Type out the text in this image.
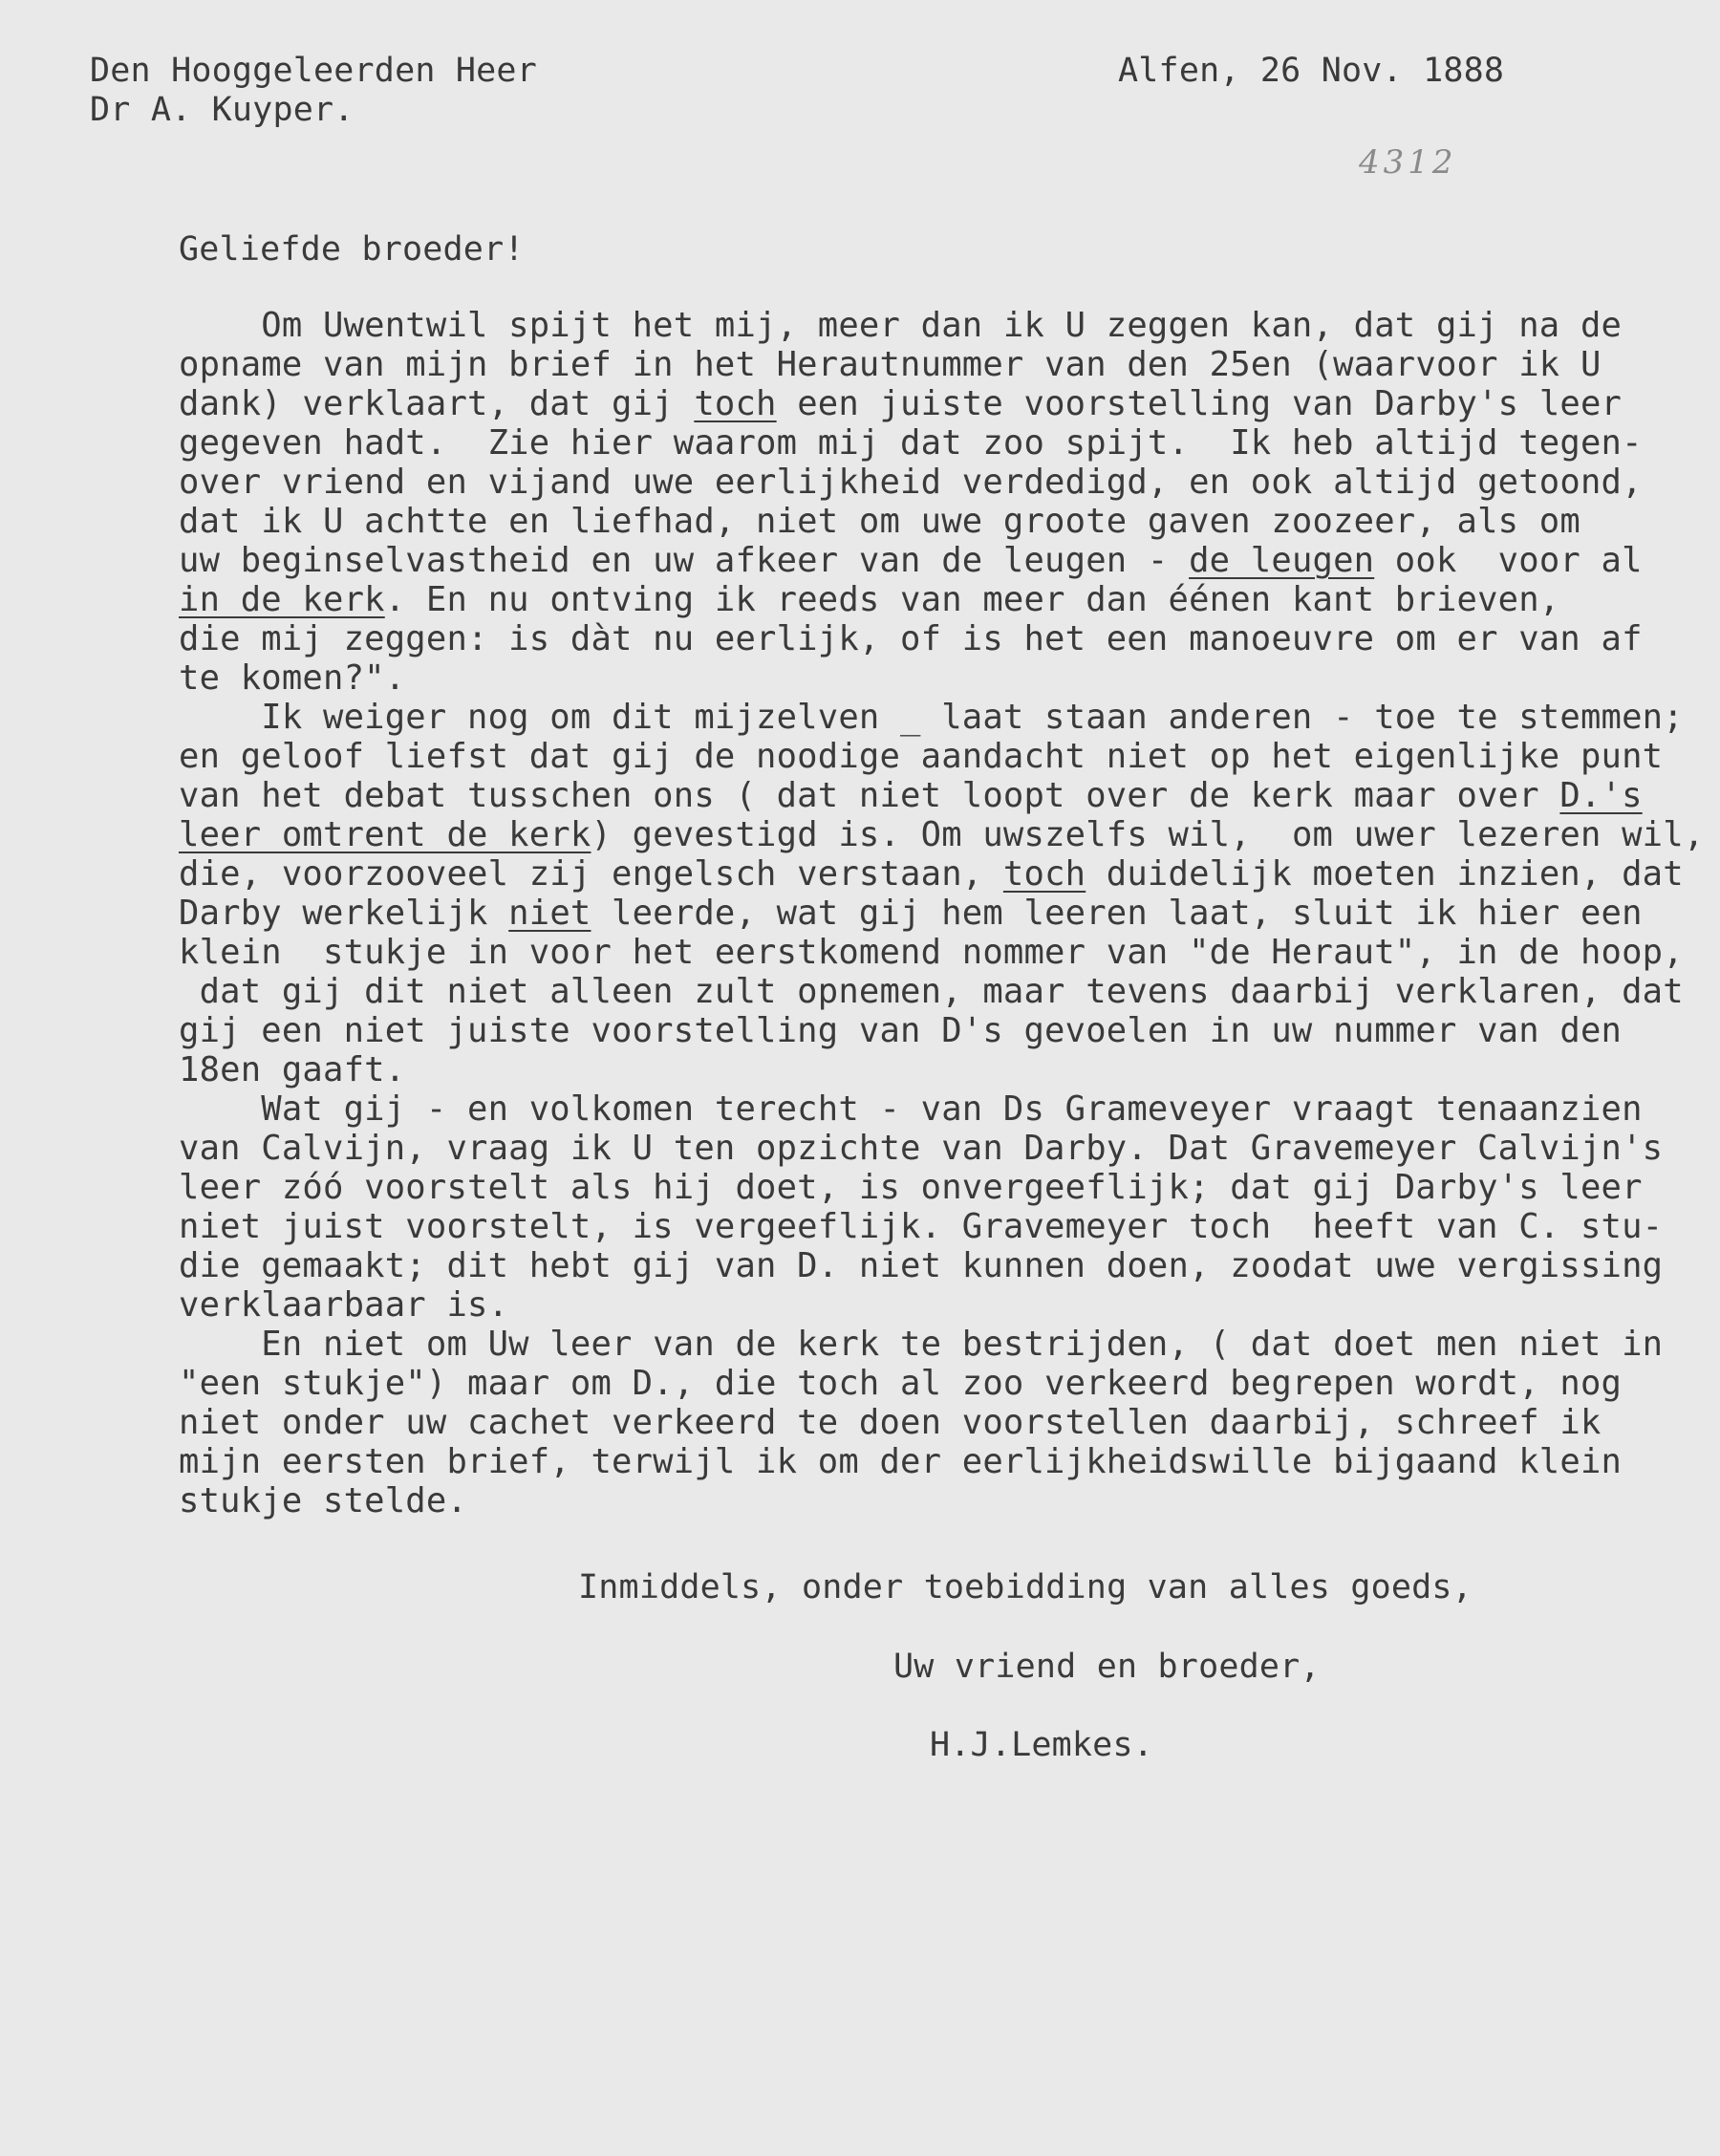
Den Hooggeleerden Heer
Dr A. Kuyper.
Alfen, 26 Nov. 1888
4312
Geliefde broeder!
Om Uwentwil spijt het mij, meer dan ik U zeggen kan, dat gij na de
opname van mijn brief in het Herautnummer van den 25en (waarvoor ik U
dank) verklaart, dat gij toch een juiste voorstelling van Darby's leer
gegeven hadt.  Zie hier waarom mij dat zoo spijt.  Ik heb altijd tegen-
over vriend en vijand uwe eerlijkheid verdedigd, en ook altijd getoond,
dat ik U achtte en liefhad, niet om uwe groote gaven zoozeer, als om
uw beginselvastheid en uw afkeer van de leugen - de leugen ook  voor al
in de kerk. En nu ontving ik reeds van meer dan éénen kant brieven,
die mij zeggen: is dàt nu eerlijk, of is het een manoeuvre om er van af
te komen?".
Ik weiger nog om dit mijzelven _ laat staan anderen - toe te stemmen;
en geloof liefst dat gij de noodige aandacht niet op het eigenlijke punt
van het debat tusschen ons ( dat niet loopt over de kerk maar over D.'s
leer omtrent de kerk) gevestigd is. Om uwszelfs wil,  om uwer lezeren wil,
die, voorzooveel zij engelsch verstaan, toch duidelijk moeten inzien, dat
Darby werkelijk niet leerde, wat gij hem leeren laat, sluit ik hier een
klein  stukje in voor het eerstkomend nommer van "de Heraut", in de hoop,
dat gij dit niet alleen zult opnemen, maar tevens daarbij verklaren, dat
gij een niet juiste voorstelling van D's gevoelen in uw nummer van den
18en gaaft.
Wat gij - en volkomen terecht - van Ds Grameveyer vraagt tenaanzien
van Calvijn, vraag ik U ten opzichte van Darby. Dat Gravemeyer Calvijn's
leer zóó voorstelt als hij doet, is onvergeeflijk; dat gij Darby's leer
niet juist voorstelt, is vergeeflijk. Gravemeyer toch  heeft van C. stu-
die gemaakt; dit hebt gij van D. niet kunnen doen, zoodat uwe vergissing
verklaarbaar is.
En niet om Uw leer van de kerk te bestrijden, ( dat doet men niet in
"een stukje") maar om D., die toch al zoo verkeerd begrepen wordt, nog
niet onder uw cachet verkeerd te doen voorstellen daarbij, schreef ik
mijn eersten brief, terwijl ik om der eerlijkheidswille bijgaand klein
stukje stelde.
Inmiddels, onder toebidding van alles goeds,
Uw vriend en broeder,
H.J.Lemkes.
